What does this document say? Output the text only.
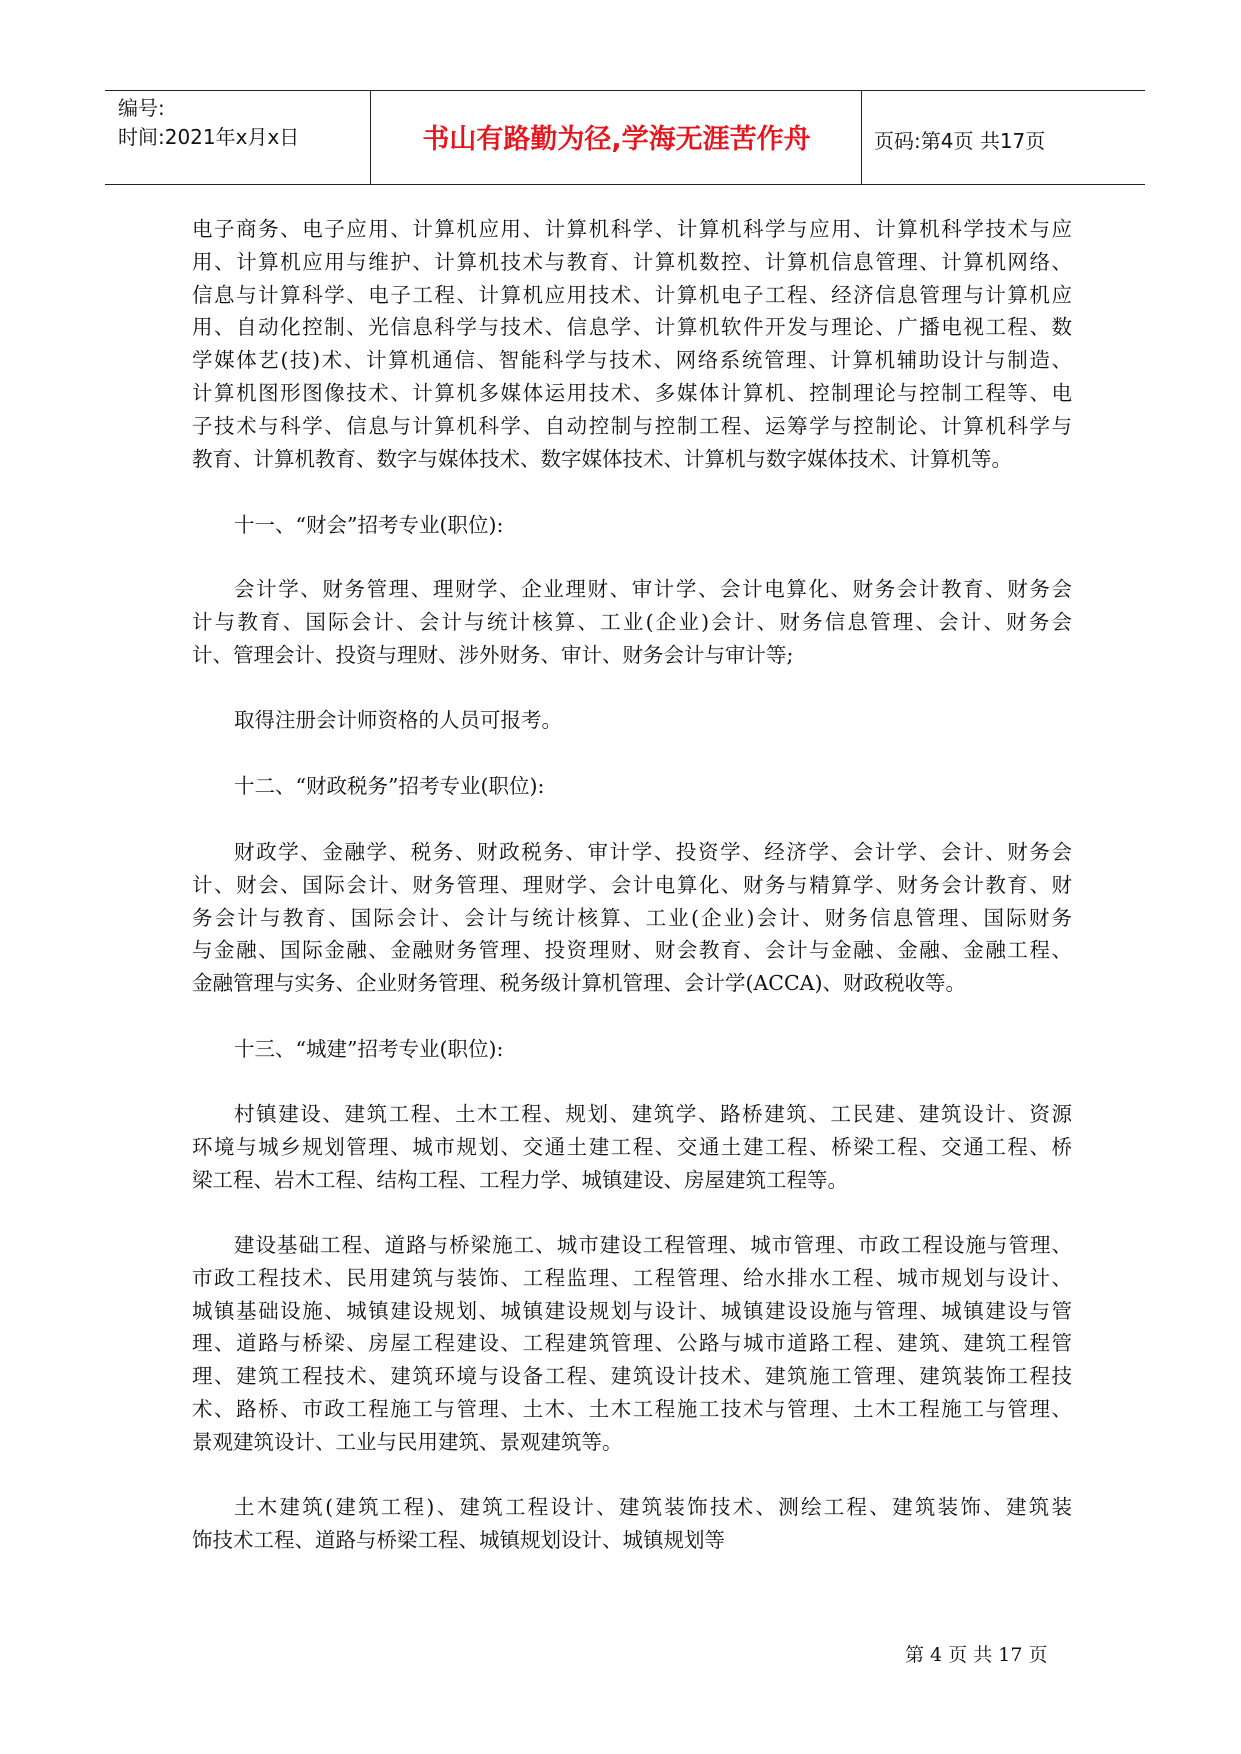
编号:
时间:2021年x月x日	书山有路勤为径,学海无涯苦作舟	页码:第4页 共17页
电子商务、电子应用、计算机应用、计算机科学、计算机科学与应用、计算机科学技术与应
用、计算机应用与维护、计算机技术与教育、计算机数控、计算机信息管理、计算机网络、
信息与计算科学、电子工程、计算机应用技术、计算机电子工程、经济信息管理与计算机应
用、自动化控制、光信息科学与技术、信息学、计算机软件开发与理论、广播电视工程、数
学媒体艺(技)术、计算机通信、智能科学与技术、网络系统管理、计算机辅助设计与制造、
计算机图形图像技术、计算机多媒体运用技术、多媒体计算机、控制理论与控制工程等、电
子技术与科学、信息与计算机科学、自动控制与控制工程、运筹学与控制论、计算机科学与
教育、计算机教育、数字与媒体技术、数字媒体技术、计算机与数字媒体技术、计算机等。
十一、“财会”招考专业(职位):
会计学、财务管理、理财学、企业理财、审计学、会计电算化、财务会计教育、财务会
计与教育、国际会计、会计与统计核算、工业(企业)会计、财务信息管理、会计、财务会
计、管理会计、投资与理财、涉外财务、审计、财务会计与审计等;
取得注册会计师资格的人员可报考。
十二、“财政税务”招考专业(职位):
财政学、金融学、税务、财政税务、审计学、投资学、经济学、会计学、会计、财务会
计、财会、国际会计、财务管理、理财学、会计电算化、财务与精算学、财务会计教育、财
务会计与教育、国际会计、会计与统计核算、工业(企业)会计、财务信息管理、国际财务
与金融、国际金融、金融财务管理、投资理财、财会教育、会计与金融、金融、金融工程、
金融管理与实务、企业财务管理、税务级计算机管理、会计学(ACCA)、财政税收等。
十三、“城建”招考专业(职位):
村镇建设、建筑工程、土木工程、规划、建筑学、路桥建筑、工民建、建筑设计、资源
环境与城乡规划管理、城市规划、交通土建工程、交通土建工程、桥梁工程、交通工程、桥
梁工程、岩木工程、结构工程、工程力学、城镇建设、房屋建筑工程等。
建设基础工程、道路与桥梁施工、城市建设工程管理、城市管理、市政工程设施与管理、
市政工程技术、民用建筑与装饰、工程监理、工程管理、给水排水工程、城市规划与设计、
城镇基础设施、城镇建设规划、城镇建设规划与设计、城镇建设设施与管理、城镇建设与管
理、道路与桥梁、房屋工程建设、工程建筑管理、公路与城市道路工程、建筑、建筑工程管
理、建筑工程技术、建筑环境与设备工程、建筑设计技术、建筑施工管理、建筑装饰工程技
术、路桥、市政工程施工与管理、土木、土木工程施工技术与管理、土木工程施工与管理、
景观建筑设计、工业与民用建筑、景观建筑等。
土木建筑(建筑工程)、建筑工程设计、建筑装饰技术、测绘工程、建筑装饰、建筑装
饰技术工程、道路与桥梁工程、城镇规划设计、城镇规划等
第 4 页 共 17 页
